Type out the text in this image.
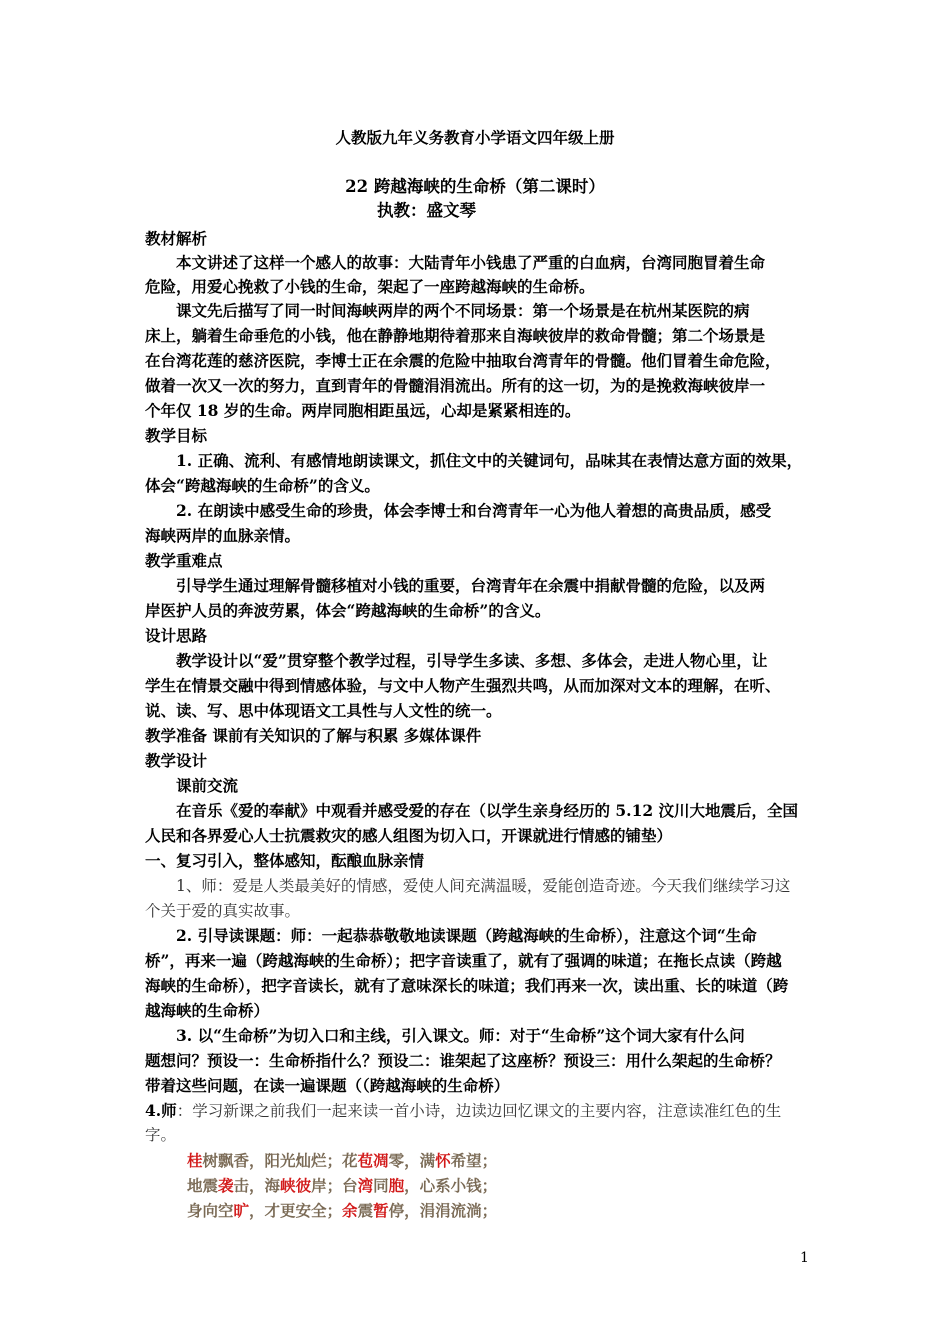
人教版九年义务教育小学语文四年级上册
22 跨越海峡的生命桥（第二课时）
执教：盛文琴
教材解析
本文讲述了这样一个感人的故事：大陆青年小钱患了严重的白血病，台湾同胞冒着生命
危险，用爱心挽救了小钱的生命，架起了一座跨越海峡的生命桥。
课文先后描写了同一时间海峡两岸的两个不同场景：第一个场景是在杭州某医院的病
床上，躺着生命垂危的小钱，他在静静地期待着那来自海峡彼岸的救命骨髓；第二个场景是
在台湾花莲的慈济医院，李博士正在余震的危险中抽取台湾青年的骨髓。他们冒着生命危险，
做着一次又一次的努力，直到青年的骨髓涓涓流出。所有的这一切，为的是挽救海峡彼岸一
个年仅 18 岁的生命。两岸同胞相距虽远，心却是紧紧相连的。
教学目标
1. 正确、流利、有感情地朗读课文，抓住文中的关键词句，品味其在表情达意方面的效果，
体会“跨越海峡的生命桥”的含义。
2. 在朗读中感受生命的珍贵，体会李博士和台湾青年一心为他人着想的高贵品质，感受
海峡两岸的血脉亲情。
教学重难点
引导学生通过理解骨髓移植对小钱的重要，台湾青年在余震中捐献骨髓的危险，以及两
岸医护人员的奔波劳累，体会“跨越海峡的生命桥”的含义。
设计思路
教学设计以“爱”贯穿整个教学过程，引导学生多读、多想、多体会，走进人物心里，让
学生在情景交融中得到情感体验，与文中人物产生强烈共鸣，从而加深对文本的理解，在听、
说、读、写、思中体现语文工具性与人文性的统一。
教学准备 课前有关知识的了解与积累 多媒体课件
教学设计
课前交流
在音乐《爱的奉献》中观看并感受爱的存在（以学生亲身经历的 5.12 汶川大地震后，全国
人民和各界爱心人士抗震救灾的感人组图为切入口，开课就进行情感的铺垫）
一、复习引入，整体感知，酝酿血脉亲情
1、师：爱是人类最美好的情感，爱使人间充满温暖，爱能创造奇迹。今天我们继续学习这
个关于爱的真实故事。
2. 引导读课题：师：一起恭恭敬敬地读课题（跨越海峡的生命桥），注意这个词“生命
桥”，再来一遍（跨越海峡的生命桥）；把字音读重了，就有了强调的味道；在拖长点读（跨越
海峡的生命桥），把字音读长，就有了意味深长的味道；我们再来一次，读出重、长的味道（跨
越海峡的生命桥）
3. 以“生命桥”为切入口和主线，引入课文。师：对于“生命桥”这个词大家有什么问
题想问？预设一：生命桥指什么？预设二：谁架起了这座桥？预设三：用什么架起的生命桥？
带着这些问题，在读一遍课题（（跨越海峡的生命桥）
4.师：学习新课之前我们一起来读一首小诗，边读边回忆课文的主要内容，注意读准红色的生
字。
桂树飘香，阳光灿烂；花苞凋零，满怀希望；
地震袭击，海峡彼岸；台湾同胞，心系小钱；
身向空旷，才更安全；余震暂停，涓涓流淌；
1
